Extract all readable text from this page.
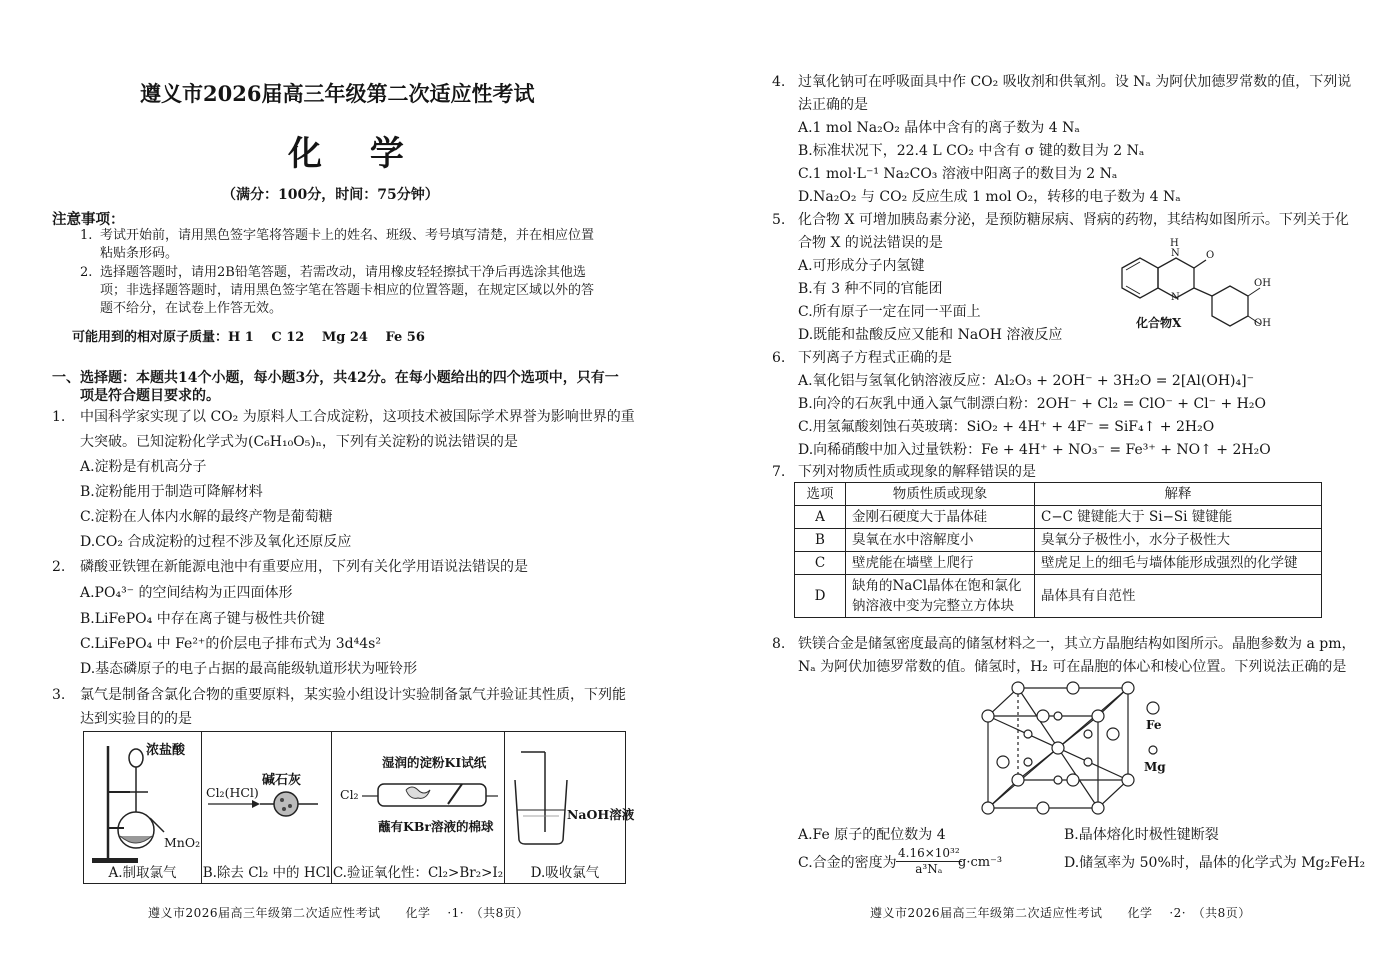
遵义市2026届高三年级第二次适应性考试
化 学
（满分：100分，时间：75分钟）
注意事项：
1. 考试开始前，请用黑色签字笔将答题卡上的姓名、班级、考号填写清楚，并在相应位置
粘贴条形码。
2. 选择题答题时，请用2B铅笔答题，若需改动，请用橡皮轻轻擦拭干净后再选涂其他选
项；非选择题答题时，请用黑色签字笔在答题卡相应的位置答题，在规定区域以外的答
题不给分，在试卷上作答无效。
可能用到的相对原子质量：H 1　 C 12　 Mg 24　 Fe 56
一、选择题：本题共14个小题，每小题3分，共42分。在每小题给出的四个选项中，只有一
项是符合题目要求的。
1. 中国科学家实现了以 CO₂ 为原料人工合成淀粉，这项技术被国际学术界誉为影响世界的重
大突破。已知淀粉化学式为(C₆H₁₀O₅)ₙ，下列有关淀粉的说法错误的是
A.淀粉是有机高分子
B.淀粉能用于制造可降解材料
C.淀粉在人体内水解的最终产物是葡萄糖
D.CO₂ 合成淀粉的过程不涉及氧化还原反应
2. 磷酸亚铁锂在新能源电池中有重要应用，下列有关化学用语说法错误的是
A.PO₄³⁻ 的空间结构为正四面体形
B.LiFePO₄ 中存在离子键与极性共价键
C.LiFePO₄ 中 Fe²⁺的价层电子排布式为 3d⁴4s²
D.基态磷原子的电子占据的最高能级轨道形状为哑铃形
3. 氯气是制备含氯化合物的重要原料，某实验小组设计实验制备氯气并验证其性质，下列能
达到实验目的的是
浓盐酸
MnO₂
A.制取氯气

Cl₂(HCl)
碱石灰
B.除去 Cl₂ 中的 HCl

湿润的淀粉KI试纸
Cl₂
蘸有KBr溶液的棉球
C.验证氧化性：Cl₂>Br₂>I₂

NaOH溶液
D.吸收氯气
遵义市2026届高三年级第二次适应性考试　　化学　 ·1·　（共8页）
4. 过氧化钠可在呼吸面具中作 CO₂ 吸收剂和供氧剂。设 Nₐ 为阿伏加德罗常数的值，下列说
法正确的是
A.1 mol Na₂O₂ 晶体中含有的离子数为 4 Nₐ
B.标准状况下，22.4 L CO₂ 中含有 σ 键的数目为 2 Nₐ
C.1 mol·L⁻¹ Na₂CO₃ 溶液中阳离子的数目为 2 Nₐ
D.Na₂O₂ 与 CO₂ 反应生成 1 mol O₂，转移的电子数为 4 Nₐ
5. 化合物 X 可增加胰岛素分泌，是预防糖尿病、肾病的药物，其结构如图所示。下列关于化
合物 X 的说法错误的是
A.可形成分子内氢键
B.有 3 种不同的官能团
C.所有原子一定在同一平面上
D.既能和盐酸反应又能和 NaOH 溶液反应
H
N
N
O
OH
OH
化合物X
6. 下列离子方程式正确的是
A.氧化铝与氢氧化钠溶液反应：Al₂O₃ + 2OH⁻ + 3H₂O = 2[Al(OH)₄]⁻
B.向冷的石灰乳中通入氯气制漂白粉：2OH⁻ + Cl₂ = ClO⁻ + Cl⁻ + H₂O
C.用氢氟酸刻蚀石英玻璃：SiO₂ + 4H⁺ + 4F⁻ = SiF₄↑ + 2H₂O
D.向稀硝酸中加入过量铁粉：Fe + 4H⁺ + NO₃⁻ = Fe³⁺ + NO↑ + 2H₂O
7. 下列对物质性质或现象的解释错误的是
选项	物质性质或现象	解释
A	金刚石硬度大于晶体硅	C−C 键键能大于 Si−Si 键键能
B	臭氧在水中溶解度小	臭氧分子极性小，水分子极性大
C	壁虎能在墙壁上爬行	壁虎足上的细毛与墙体能形成强烈的化学键
D	缺角的NaCl晶体在饱和氯化
钠溶液中变为完整立方体块	晶体具有自范性
8. 铁镁合金是储氢密度最高的储氢材料之一，其立方晶胞结构如图所示。晶胞参数为 a pm，
Nₐ 为阿伏加德罗常数的值。储氢时，H₂ 可在晶胞的体心和棱心位置。下列说法正确的是
Fe
Mg
A.Fe 原子的配位数为 4	B.晶体熔化时极性键断裂
C.合金的密度为 $\frac{\text{4.16×10³²}}{\text{a³Nₐ}}$
g·cm⁻³	D.储氢率为 50%时，晶体的化学式为 Mg₂FeH₂
遵义市2026届高三年级第二次适应性考试　　化学　 ·2·　（共8页）
